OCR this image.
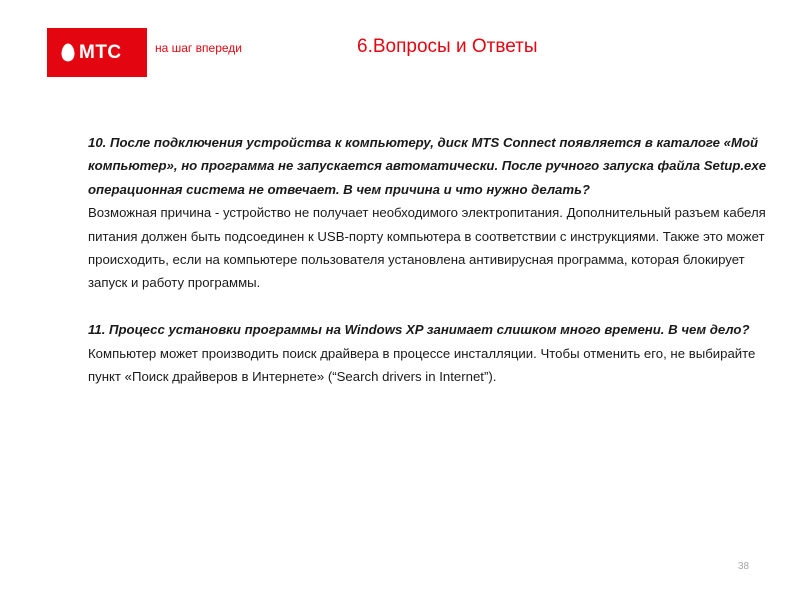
МТС	на шаг впереди	6.Вопросы и Ответы

10. После подключения устройства к компьютеру, диск MTS Connect появляется в каталоге «Мой компьютер», но программа не запускается автоматически. После ручного запуска файла Setup.exe операционная система не отвечает. В чем причина и что нужно делать?

Возможная причина - устройство не получает необходимого электропитания. Дополнительный разъем кабеля питания должен быть подсоединен к USB-порту компьютера в соответствии с инструкциями. Также это может происходить, если на компьютере пользователя установлена антивирусная программа, которая блокирует запуск и работу программы.

11. Процесс установки программы на Windows XP занимает слишком много времени. В чем дело?

Компьютер может производить поиск драйвера в процессе инсталляции. Чтобы отменить его, не выбирайте пункт «Поиск драйверов в Интернете» (“Search drivers in Internet”).

38
